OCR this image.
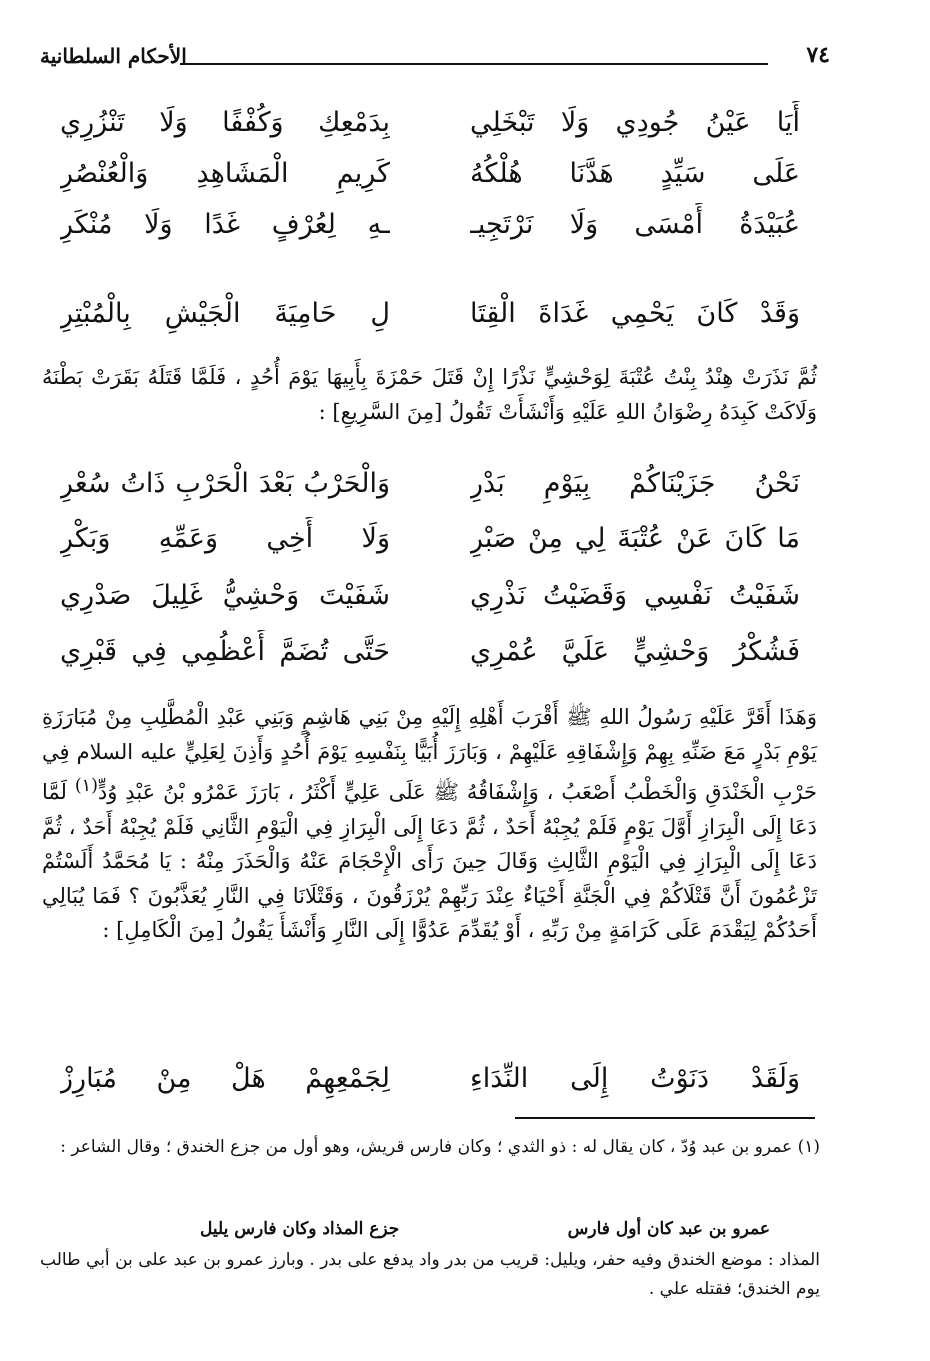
٧٤
الأحكام السلطانية
أَيَا عَيْنُ جُودِي وَلَا تَبْخَلِي
بِدَمْعِكِ وَكُفْفًا وَلَا تَنْزُرِي
عَلَى سَيِّدٍ هَدَّنَا هُلْكُهُ
كَرِيمِ الْمَشَاهِدِ وَالْعُنْصُرِ
عُبَيْدَةُ أَمْسَى وَلَا نَرْتَجِيـ
ـهِ لِعُرْفٍ غَدًا وَلَا مُنْكَرِ
وَقَدْ كَانَ يَحْمِي غَدَاةَ الْقِتَا
لِ حَامِيَةَ الْجَيْشِ بِالْمُبْتِرِ

ثُمَّ نَذَرَتْ هِنْدُ بِنْتُ عُتْبَةَ لِوَحْشِيٍّ نَذْرًا إِنْ قَتَلَ حَمْزَةَ بِأَبِيهَا يَوْمَ أُحُدٍ ، فَلَمَّا قَتَلَهُ بَقَرَتْ بَطْنَهُ وَلَاكَتْ كَبِدَهُ رِضْوَانُ اللهِ عَلَيْهِ وَأَنْشَأَتْ تَقُولُ [مِنَ السَّرِيعِ] :

نَحْنُ جَزَيْنَاكُمْ بِيَوْمِ بَدْرِ
وَالْحَرْبُ بَعْدَ الْحَرْبِ ذَاتُ سُعْرِ
مَا كَانَ عَنْ عُتْبَةَ لِي مِنْ صَبْرِ
وَلَا أَخِي وَعَمِّهِ وَبَكْرِ
شَفَيْتُ نَفْسِي وَقَضَيْتُ نَذْرِي
شَفَيْتَ وَحْشِيُّ غَلِيلَ صَدْرِي
فَشُكْرُ وَحْشِيٍّ عَلَيَّ عُمْرِي
حَتَّى تُضَمَّ أَعْظُمِي فِي قَبْرِي

وَهَذَا أَقَرَّ عَلَيْهِ رَسُولُ اللهِ ﷺ أَقْرَبَ أَهْلِهِ إِلَيْهِ مِنْ بَنِي هَاشِمٍ وَبَنِي عَبْدِ الْمُطَّلِبِ مِنْ مُبَارَزَةِ يَوْمِ بَدْرٍ مَعَ ضَنِّهِ بِهِمْ وَإِشْفَاقِهِ عَلَيْهِمْ ، وَبَارَزَ أُبَيًّا بِنَفْسِهِ يَوْمَ أُحُدٍ وَأَذِنَ لِعَلِيٍّ عليه السلام فِي حَرْبِ الْخَنْدَقِ وَالْخَطْبُ أَصْعَبُ ، وَإِشْفَاقُهُ ﷺ عَلَى عَلِيٍّ أَكْثَرُ ، بَارَزَ عَمْرُو بْنُ عَبْدِ وُدٍّ$^{(١)}$ لَمَّا دَعَا إِلَى الْبِرَازِ أَوَّلَ يَوْمٍ فَلَمْ يُجِبْهُ أَحَدٌ ، ثُمَّ دَعَا إِلَى الْبِرَازِ فِي الْيَوْمِ الثَّانِي فَلَمْ يُجِبْهُ أَحَدٌ ، ثُمَّ دَعَا إِلَى الْبِرَازِ فِي الْيَوْمِ الثَّالِثِ وَقَالَ حِينَ رَأَى الْإِحْجَامَ عَنْهُ وَالْحَذَرَ مِنْهُ : يَا مُحَمَّدُ أَلَسْتُمْ تَزْعُمُونَ أَنَّ قَتْلَاكُمْ فِي الْجَنَّةِ أَحْيَاءٌ عِنْدَ رَبِّهِمْ يُرْزَقُونَ ، وَقَتْلَانَا فِي النَّارِ يُعَذَّبُونَ ؟ فَمَا يُبَالِي أَحَدُكُمْ لِيَقْدَمَ عَلَى كَرَامَةٍ مِنْ رَبِّهِ ، أَوْ يُقَدِّمَ عَدُوًّا إِلَى النَّارِ وَأَنْشَأَ يَقُولُ [مِنَ الْكَامِلِ] :

وَلَقَدْ دَنَوْتُ إِلَى النِّدَاءِ
لِجَمْعِهِمْ هَلْ مِنْ مُبَارِزْ
(١) عمرو بن عبد وُدّ ، كان يقال له : ذو الثدي ؛ وكان فارس قريش، وهو أول من جزع الخندق ؛ وقال الشاعر :
عمرو بن عبد كان أول فارس
جزع المذاد وكان فارس يليل
المذاد : موضع الخندق وفيه حفر، ويليل: قريب من بدر واد يدفع على بدر . وبارز عمرو بن عبد على بن أبي طالب يوم الخندق؛ فقتله علي .
